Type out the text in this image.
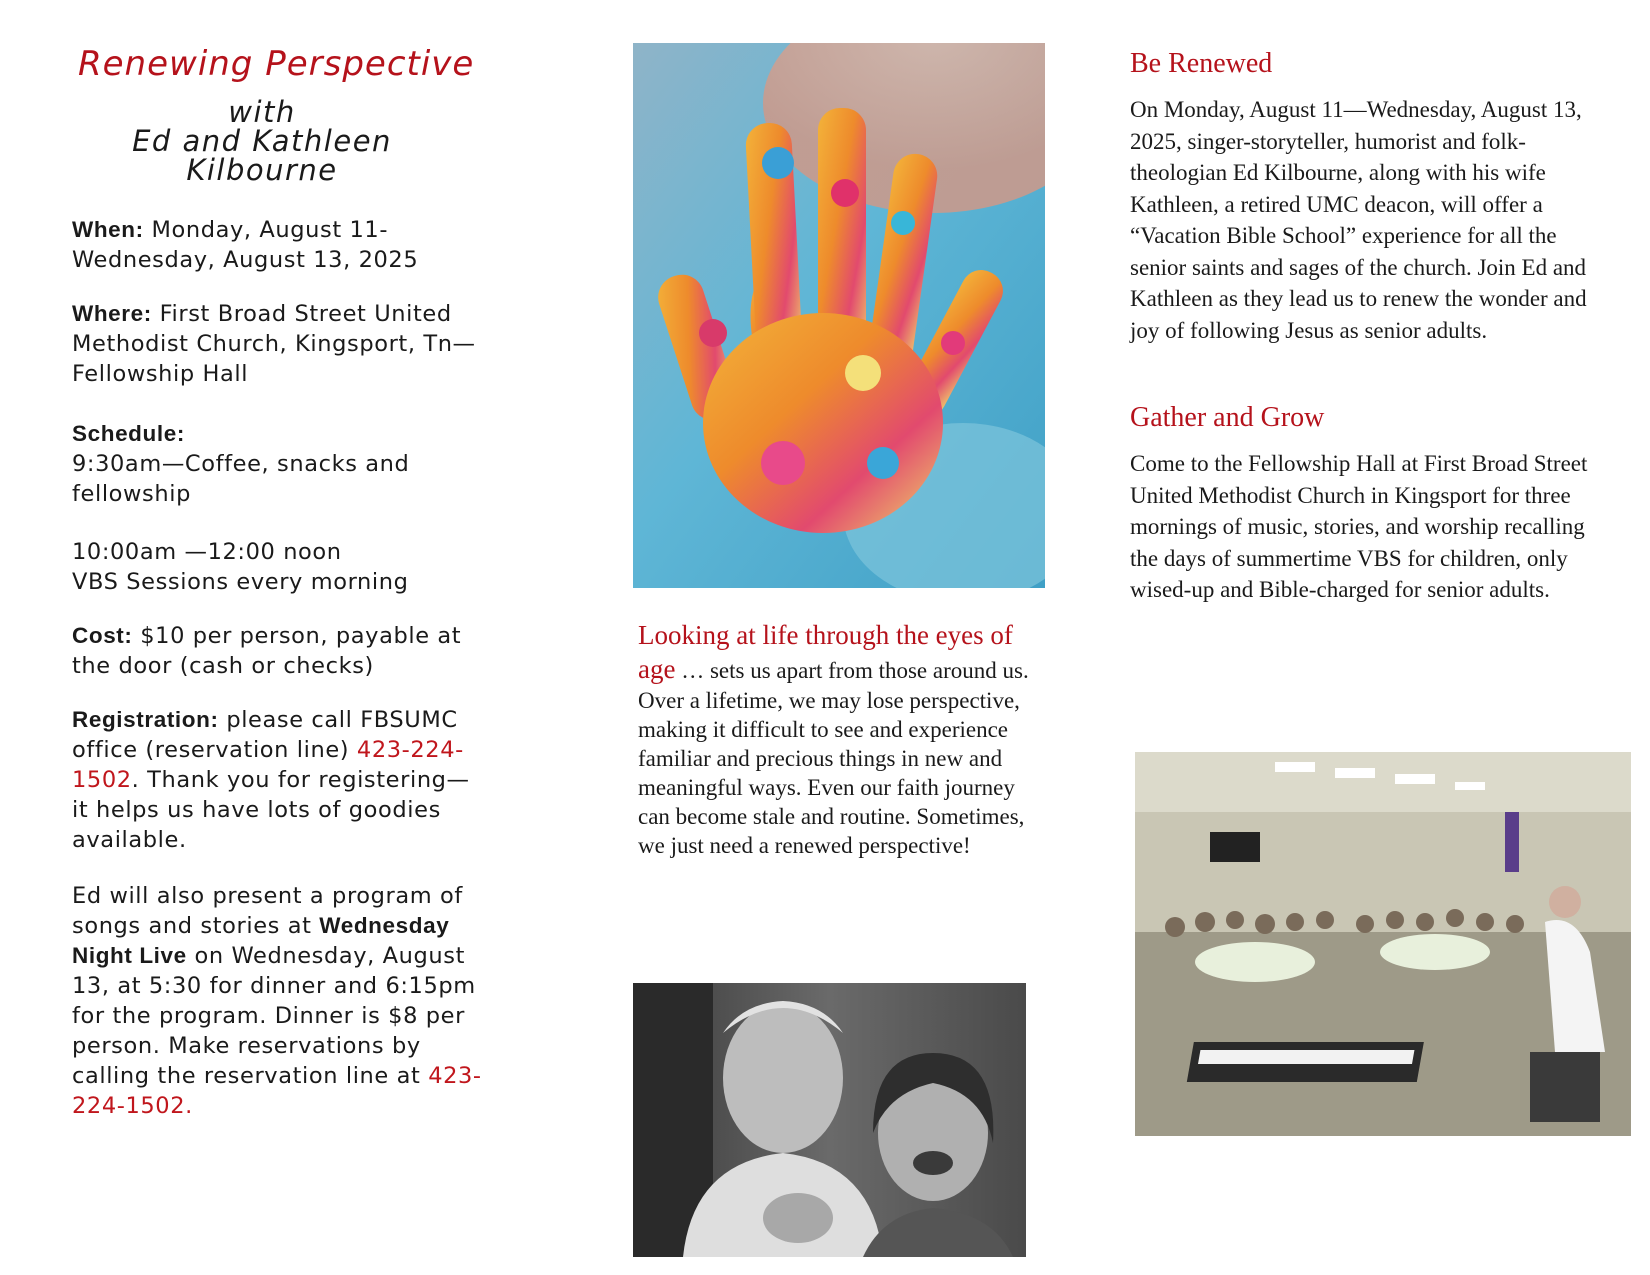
Renewing Perspective
with
Ed and Kathleen
Kilbourne
When: Monday, August 11-Wednesday, August 13, 2025
Where: First Broad Street United Methodist Church, Kingsport, Tn—Fellowship Hall
Schedule:
9:30am—Coffee, snacks and fellowship
10:00am —12:00 noon
VBS Sessions every morning
Cost: $10 per person, payable at the door (cash or checks)
Registration: please call FBSUMC office (reservation line) 423-224-1502. Thank you for registering—it helps us have lots of goodies available.
Ed will also present a program of songs and stories at Wednesday Night Live on Wednesday, August 13, at 5:30 for dinner and 6:15pm for the program. Dinner is $8 per person. Make reservations by calling the reservation line at 423-224-1502.
Looking at life through the eyes of age … sets us apart from those around us. Over a lifetime, we may lose perspective, making it difficult to see and experience familiar and precious things in new and meaningful ways. Even our faith journey can become stale and routine. Sometimes, we just need a renewed perspective!
Be Renewed

On Monday, August 11—Wednesday, August 13, 2025, singer-storyteller, humorist and folk-theologian Ed Kilbourne, along with his wife Kathleen, a retired UMC deacon, will offer a “Vacation Bible School” experience for all the senior saints and sages of the church. Join Ed and Kathleen as they lead us to renew the wonder and joy of following Jesus as senior adults.

Gather and Grow

Come to the Fellowship Hall at First Broad Street United Methodist Church in Kingsport for three mornings of music, stories, and worship recalling the days of summertime VBS for children, only wised-up and Bible-charged for senior adults.
